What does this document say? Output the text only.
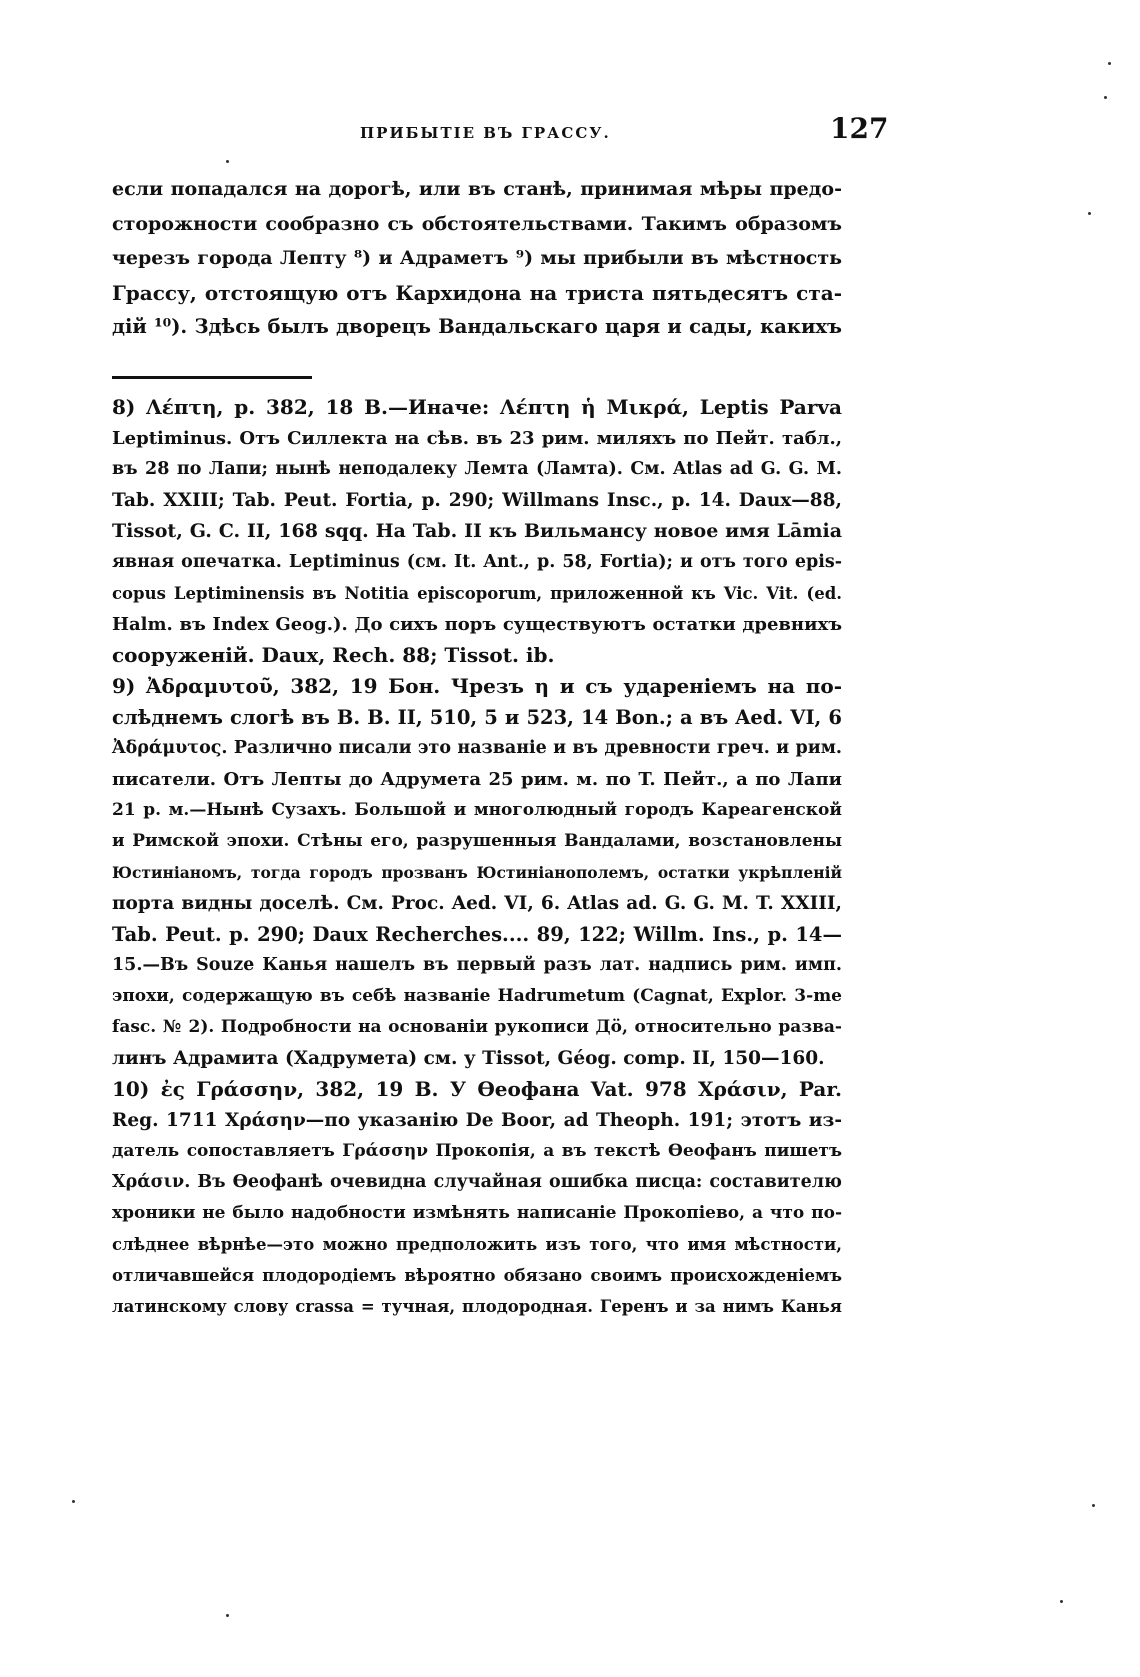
ПРИБЫТІЕ ВЪ ГРАССУ.	127
если попадался на дорогѣ, или въ станѣ, принимая мѣры предо-
сторожности сообразно съ обстоятельствами. Такимъ образомъ
черезъ города Лепту ⁸) и Адраметъ ⁹) мы прибыли въ мѣстность
Грассу, отстоящую отъ Кархидона на триста пятьдесятъ ста-
дій ¹⁰). Здѣсь былъ дворецъ Вандальскаго царя и сады, какихъ
8) Λέπτη, p. 382, 18 B.—Иначе: Λέπτη ἡ Μικρά, Leptis Parva
Leptiminus. Отъ Силлекта на сѣв. въ 23 рим. миляхъ по Пейт. табл.,
въ 28 по Лапи; нынѣ неподалеку Лемта (Ламта). См. Atlas ad G. G. M.
Tab. XXIII; Tab. Peut. Fortia, p. 290; Willmans Insc., p. 14. Daux—88,
Tissot, G. C. II, 168 sqq. На Tab. II къ Вильмансу новое имя Lāmia
явная опечатка. Leptiminus (см. It. Ant., p. 58, Fortia); и отъ того epis-
copus Leptiminensis въ Notitia episcoporum, приложенной къ Vic. Vit. (ed.
Halm. въ Index Geog.). До сихъ поръ существуютъ остатки древнихъ
сооруженій. Daux, Rech. 88; Tissot. ib.
9) Ἀδραμυτοῦ, 382, 19 Бон. Чрезъ η и съ удареніемъ на по-
слѣднемъ слогѣ въ B. B. II, 510, 5 и 523, 14 Bon.; а въ Aed. VI, 6
Ἀδράμυτος. Различно писали это названіе и въ древности греч. и рим.
писатели. Отъ Лепты до Адрумета 25 рим. м. по T. Пейт., а по Лапи
21 р. м.—Нынѣ Сузахъ. Большой и многолюдный городъ Кареагенской
и Римской эпохи. Стѣны его, разрушенныя Вандалами, возстановлены
Юстиніаномъ, тогда городъ прозванъ Юстиніанополемъ, остатки укрѣпленій
порта видны доселѣ. См. Proc. Aed. VI, 6. Atlas ad. G. G. M. T. XXIII,
Tab. Peut. p. 290; Daux Recherches.... 89, 122; Willm. Ins., p. 14—
15.—Въ Souze Канья нашелъ въ первый разъ лат. надпись рим. имп.
эпохи, содержащую въ себѣ названіе Hadrumetum (Cagnat, Explor. 3-me
fasc. № 2). Подробности на основаніи рукописи Дö, относительно разва-
линъ Адрамита (Хадрумета) см. у Tissot, Géog. comp. II, 150—160.
10) ἐς Γράσσην, 382, 19 B. У Өеофана Vat. 978 Χράσιν, Par.
Reg. 1711 Χράσην—по указанію De Boor, ad Theoph. 191; этотъ из-
датель сопоставляетъ Γράσσην Прокопія, а въ текстѣ Өеофанъ пишетъ
Χράσιν. Въ Өеофанѣ очевидна случайная ошибка писца: составителю
хроники не было надобности измѣнять написаніе Прокопіево, а что по-
слѣднее вѣрнѣе—это можно предположить изъ того, что имя мѣстности,
отличавшейся плодородіемъ вѣроятно обязано своимъ происхожденіемъ
латинскому слову crassa = тучная, плодородная. Геренъ и за нимъ Канья
